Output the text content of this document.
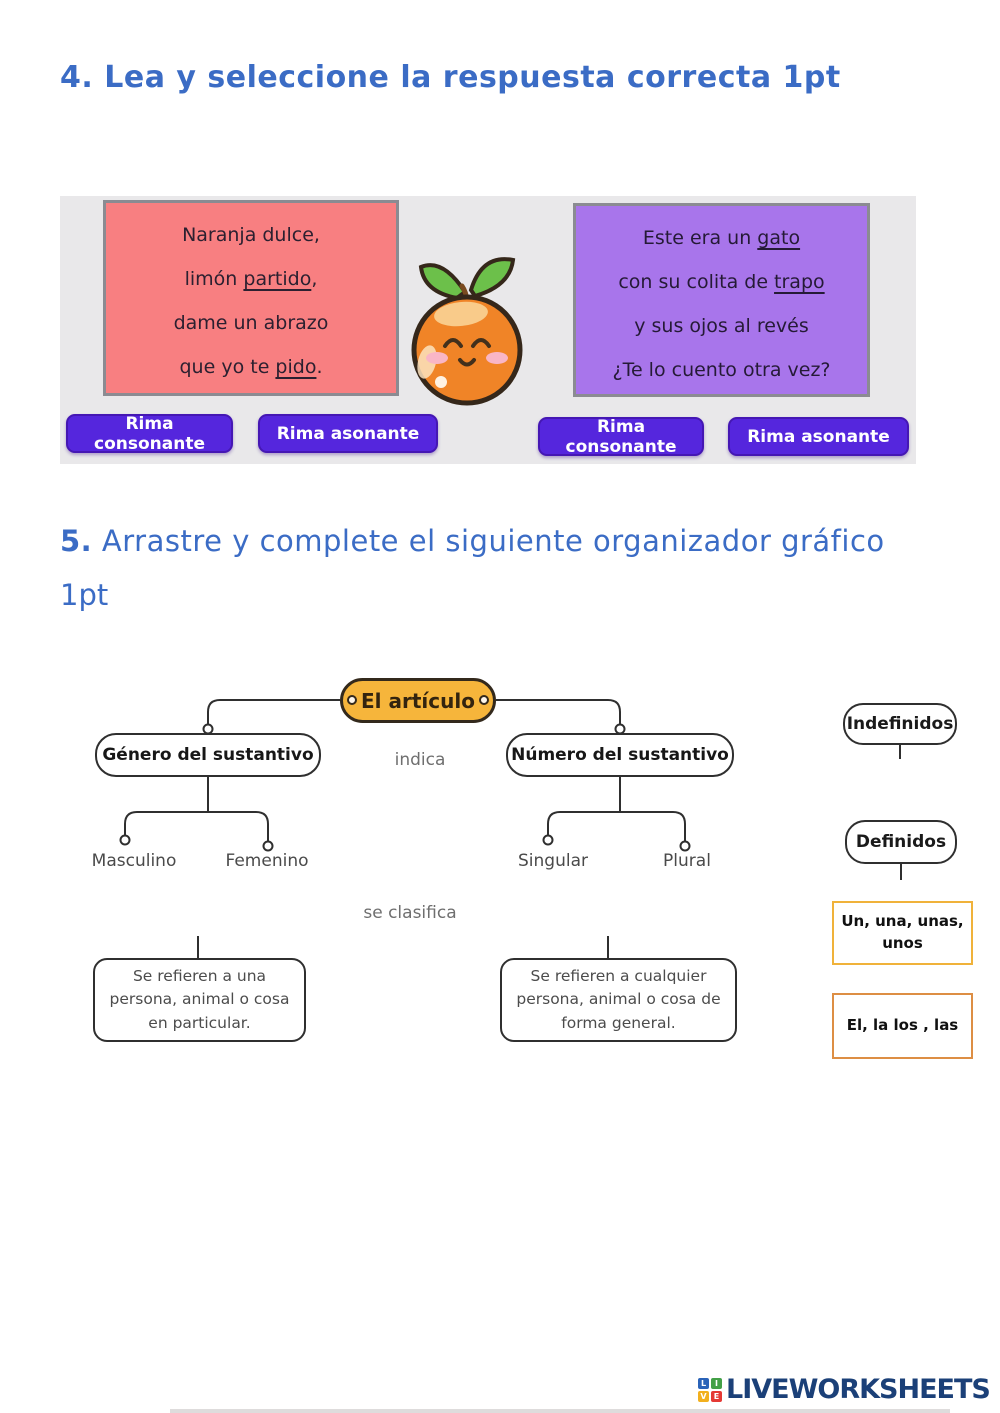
4. Lea y seleccione la respuesta correcta 1pt
Naranja dulce,
limón partido ,
dame un abrazo
que yo te pido .
Este era un gato
con su colita de trapo
y sus ojos al revés
¿Te lo cuento otra vez?
Rima consonante	Rima asonante	Rima consonante	Rima asonante
5. Arrastre y complete el siguiente organizador gráfico
1pt
El artículo
Género del sustantivo	Número del sustantivo
indica
se clasifica
Masculino	Femenino	Singular	Plural
Se refieren a una persona, animal o cosa en particular.
Se refieren a cualquier persona, animal o cosa de forma general.
Indefinidos
Definidos
Un, una, unas, unos
El, la los , las
L	I
V E LIVEWORKSHEETS
